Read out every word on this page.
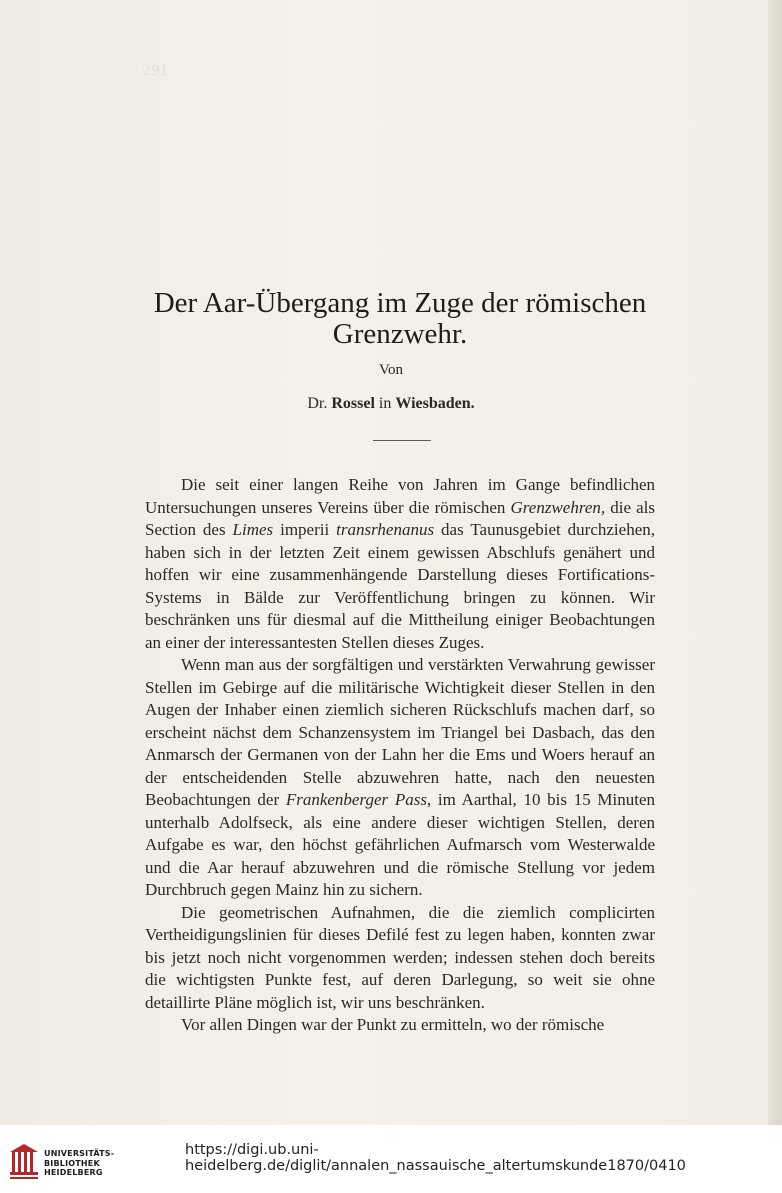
291
Der Aar-Übergang im Zuge der römischen
Grenzwehr.
Von
Dr. Rossel in Wiesbaden.

Die seit einer langen Reihe von Jahren im Gange befindlichen Untersuchungen unseres Vereins über die römischen Grenzwehren, die als Section des Limes imperii transrhenanus das Taunusgebiet durchziehen, haben sich in der letzten Zeit einem gewissen Abschlufs genähert und hoffen wir eine zusammenhängende Darstellung dieses Fortifications-Systems in Bälde zur Veröffentlichung bringen zu können. Wir beschränken uns für diesmal auf die Mittheilung einiger Beobachtungen an einer der interessantesten Stellen dieses Zuges.

Wenn man aus der sorgfältigen und verstärkten Verwahrung gewisser Stellen im Gebirge auf die militärische Wichtigkeit dieser Stellen in den Augen der Inhaber einen ziemlich sicheren Rückschlufs machen darf, so erscheint nächst dem Schanzensystem im Triangel bei Dasbach, das den Anmarsch der Germanen von der Lahn her die Ems und Woers herauf an der entscheidenden Stelle abzuwehren hatte, nach den neuesten Beobachtungen der Frankenberger Pass, im Aarthal, 10 bis 15 Minuten unterhalb Adolfseck, als eine andere dieser wichtigen Stellen, deren Aufgabe es war, den höchst gefährlichen Aufmarsch vom Westerwalde und die Aar herauf abzuwehren und die römische Stellung vor jedem Durchbruch gegen Mainz hin zu sichern.

Die geometrischen Aufnahmen, die die ziemlich complicirten Vertheidigungslinien für dieses Defilé fest zu legen haben, konnten zwar bis jetzt noch nicht vorgenommen werden; indessen stehen doch bereits die wichtigsten Punkte fest, auf deren Darlegung, so weit sie ohne detaillirte Pläne möglich ist, wir uns beschränken.

Vor allen Dingen war der Punkt zu ermitteln, wo der römische

UNIVERSITÄTS-
BIBLIOTHEK
HEIDELBERG
https://digi.ub.uni-heidelberg.de/diglit/annalen_nassauische_altertumskunde1870/0410
